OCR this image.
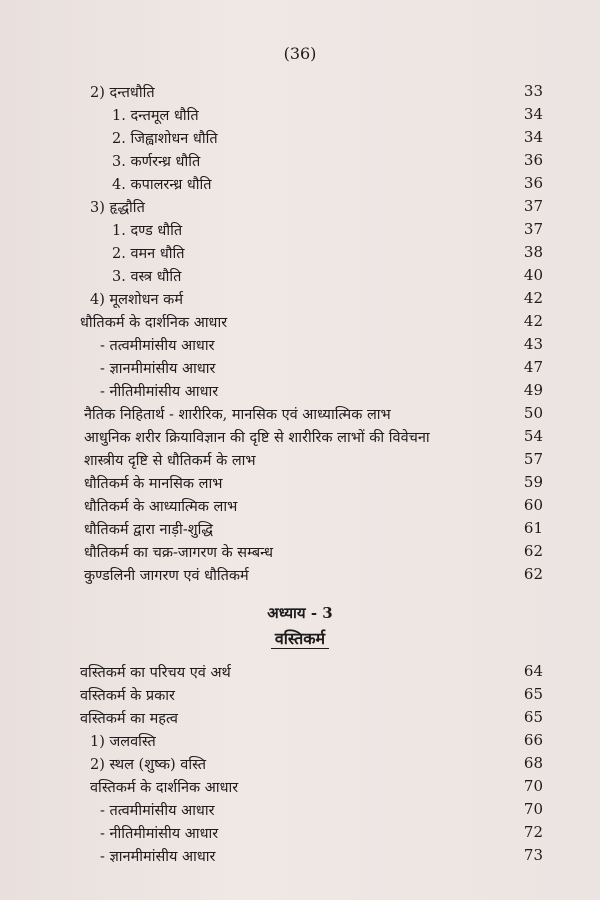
(36)
2) दन्तधौति	33
1. दन्तमूल धौति	34
2. जिह्वाशोधन धौति	34
3. कर्णरन्ध्र धौति	36
4. कपालरन्ध्र धौति	36
3) हृद्धौति	37
1. दण्ड धौति	37
2. वमन धौति	38
3. वस्त्र धौति	40
4) मूलशोधन कर्म	42
धौतिकर्म के दार्शनिक आधार	42
- तत्वमीमांसीय आधार	43
- ज्ञानमीमांसीय आधार	47
- नीतिमीमांसीय आधार	49
नैतिक निहितार्थ - शारीरिक, मानसिक एवं आध्यात्मिक लाभ	50
आधुनिक शरीर क्रियाविज्ञान की दृष्टि से शारीरिक लाभों की विवेचना	54
शास्त्रीय दृष्टि से धौतिकर्म के लाभ	57
धौतिकर्म के मानसिक लाभ	59
धौतिकर्म के आध्यात्मिक लाभ	60
धौतिकर्म द्वारा नाड़ी-शुद्धि	61
धौतिकर्म का चक्र-जागरण के सम्बन्ध	62
कुण्डलिनी जागरण एवं धौतिकर्म	62
अध्याय - 3
वस्तिकर्म
वस्तिकर्म का परिचय एवं अर्थ	64
वस्तिकर्म के प्रकार	65
वस्तिकर्म का महत्व	65
1) जलवस्ति	66
2) स्थल (शुष्क) वस्ति	68
वस्तिकर्म के दार्शनिक आधार	70
- तत्वमीमांसीय आधार	70
- नीतिमीमांसीय आधार	72
- ज्ञानमीमांसीय आधार	73
